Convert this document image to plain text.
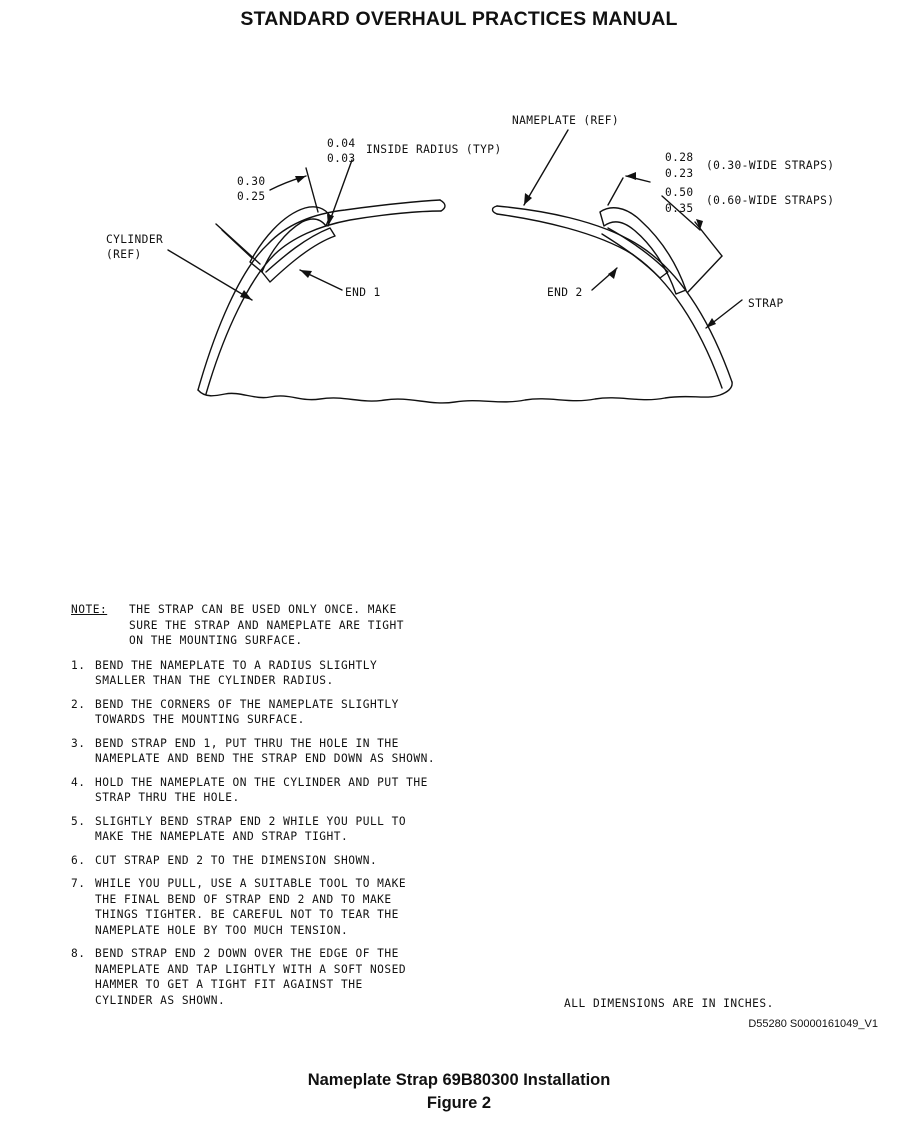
STANDARD OVERHAUL PRACTICES MANUAL
NAMEPLATE (REF)
0.04
0.03
INSIDE RADIUS (TYP)
0.30
0.25
CYLINDER
(REF)
END 1	END 2
STRAP
0.28
0.23
(0.30-WIDE STRAPS)
0.50
0.35
(0.60-WIDE STRAPS)
NOTE:	THE STRAP CAN BE USED ONLY ONCE. MAKE
SURE THE STRAP AND NAMEPLATE ARE TIGHT
ON THE MOUNTING SURFACE.
1. BEND THE NAMEPLATE TO A RADIUS SLIGHTLY
SMALLER THAN THE CYLINDER RADIUS.
2. BEND THE CORNERS OF THE NAMEPLATE SLIGHTLY
TOWARDS THE MOUNTING SURFACE.
3. BEND STRAP END 1, PUT THRU THE HOLE IN THE
NAMEPLATE AND BEND THE STRAP END DOWN AS SHOWN.
4. HOLD THE NAMEPLATE ON THE CYLINDER AND PUT THE
STRAP THRU THE HOLE.
5. SLIGHTLY BEND STRAP END 2 WHILE YOU PULL TO
MAKE THE NAMEPLATE AND STRAP TIGHT.
6. CUT STRAP END 2 TO THE DIMENSION SHOWN.
7. WHILE YOU PULL, USE A SUITABLE TOOL TO MAKE
THE FINAL BEND OF STRAP END 2 AND TO MAKE
THINGS TIGHTER. BE CAREFUL NOT TO TEAR THE
NAMEPLATE HOLE BY TOO MUCH TENSION.
8. BEND STRAP END 2 DOWN OVER THE EDGE OF THE
NAMEPLATE AND TAP LIGHTLY WITH A SOFT NOSED
HAMMER TO GET A TIGHT FIT AGAINST THE
CYLINDER AS SHOWN.	ALL DIMENSIONS ARE IN INCHES.
D55280 S0000161049_V1
Nameplate Strap 69B80300 Installation
Figure 2
